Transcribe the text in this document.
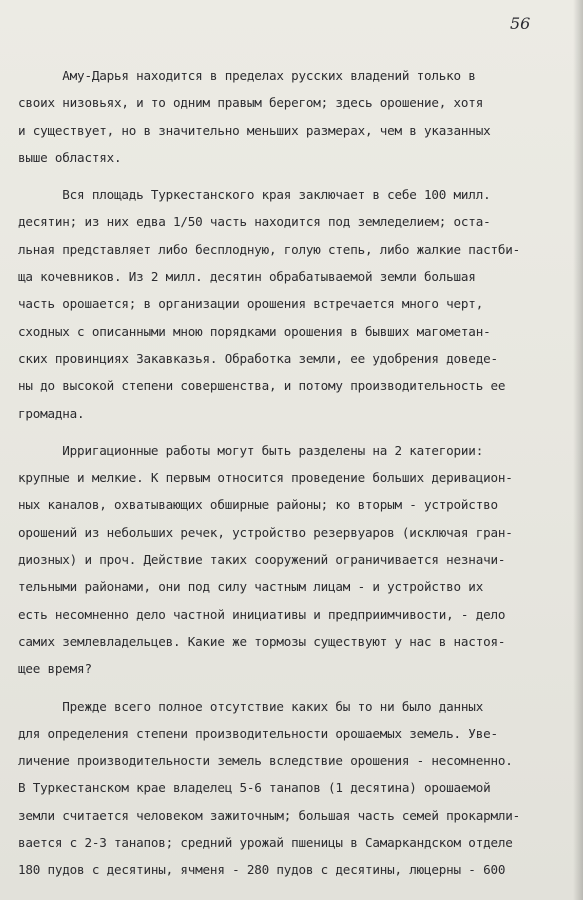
56
Аму-Дарья находится в пределах русских владений только в
своих низовьях, и то одним правым берегом; здесь орошение, хотя
и существует, но в значительно меньших размерах, чем в указанных
выше областях.
Вся площадь Туркестанского края заключает в себе 100 милл.
десятин; из них едва 1/50 часть находится под земледелием; оста-
льная представляет либо бесплодную, голую степь, либо жалкие пастби-
ща кочевников. Из 2 милл. десятин обрабатываемой земли большая
часть орошается; в организации орошения встречается много черт,
сходных с описанными мною порядками орошения в бывших магометан-
ских провинциях Закавказья. Обработка земли, ее удобрения доведе-
ны до высокой степени совершенства, и потому производительность ее
громадна.
Ирригационные работы могут быть разделены на 2 категории:
крупные и мелкие. К первым относится проведение больших деривацион-
ных каналов, охватывающих обширные районы; ко вторым - устройство
орошений из небольших речек, устройство резервуаров (исключая гран-
диозных) и проч. Действие таких сооружений ограничивается незначи-
тельными районами, они под силу частным лицам - и устройство их
есть несомненно дело частной инициативы и предприимчивости, - дело
самих землевладельцев. Какие же тормозы существуют у нас в настоя-
щее время?
Прежде всего полное отсутствие каких бы то ни было данных
для определения степени производительности орошаемых земель. Уве-
личение производительности земель вследствие орошения - несомненно.
В Туркестанском крае владелец 5-6 танапов (1 десятина) орошаемой
земли считается человеком зажиточным; большая часть семей прокармли-
вается с 2-3 танапов; средний урожай пшеницы в Самаркандском отделе
180 пудов с десятины, ячменя - 280 пудов с десятины, люцерны - 600
